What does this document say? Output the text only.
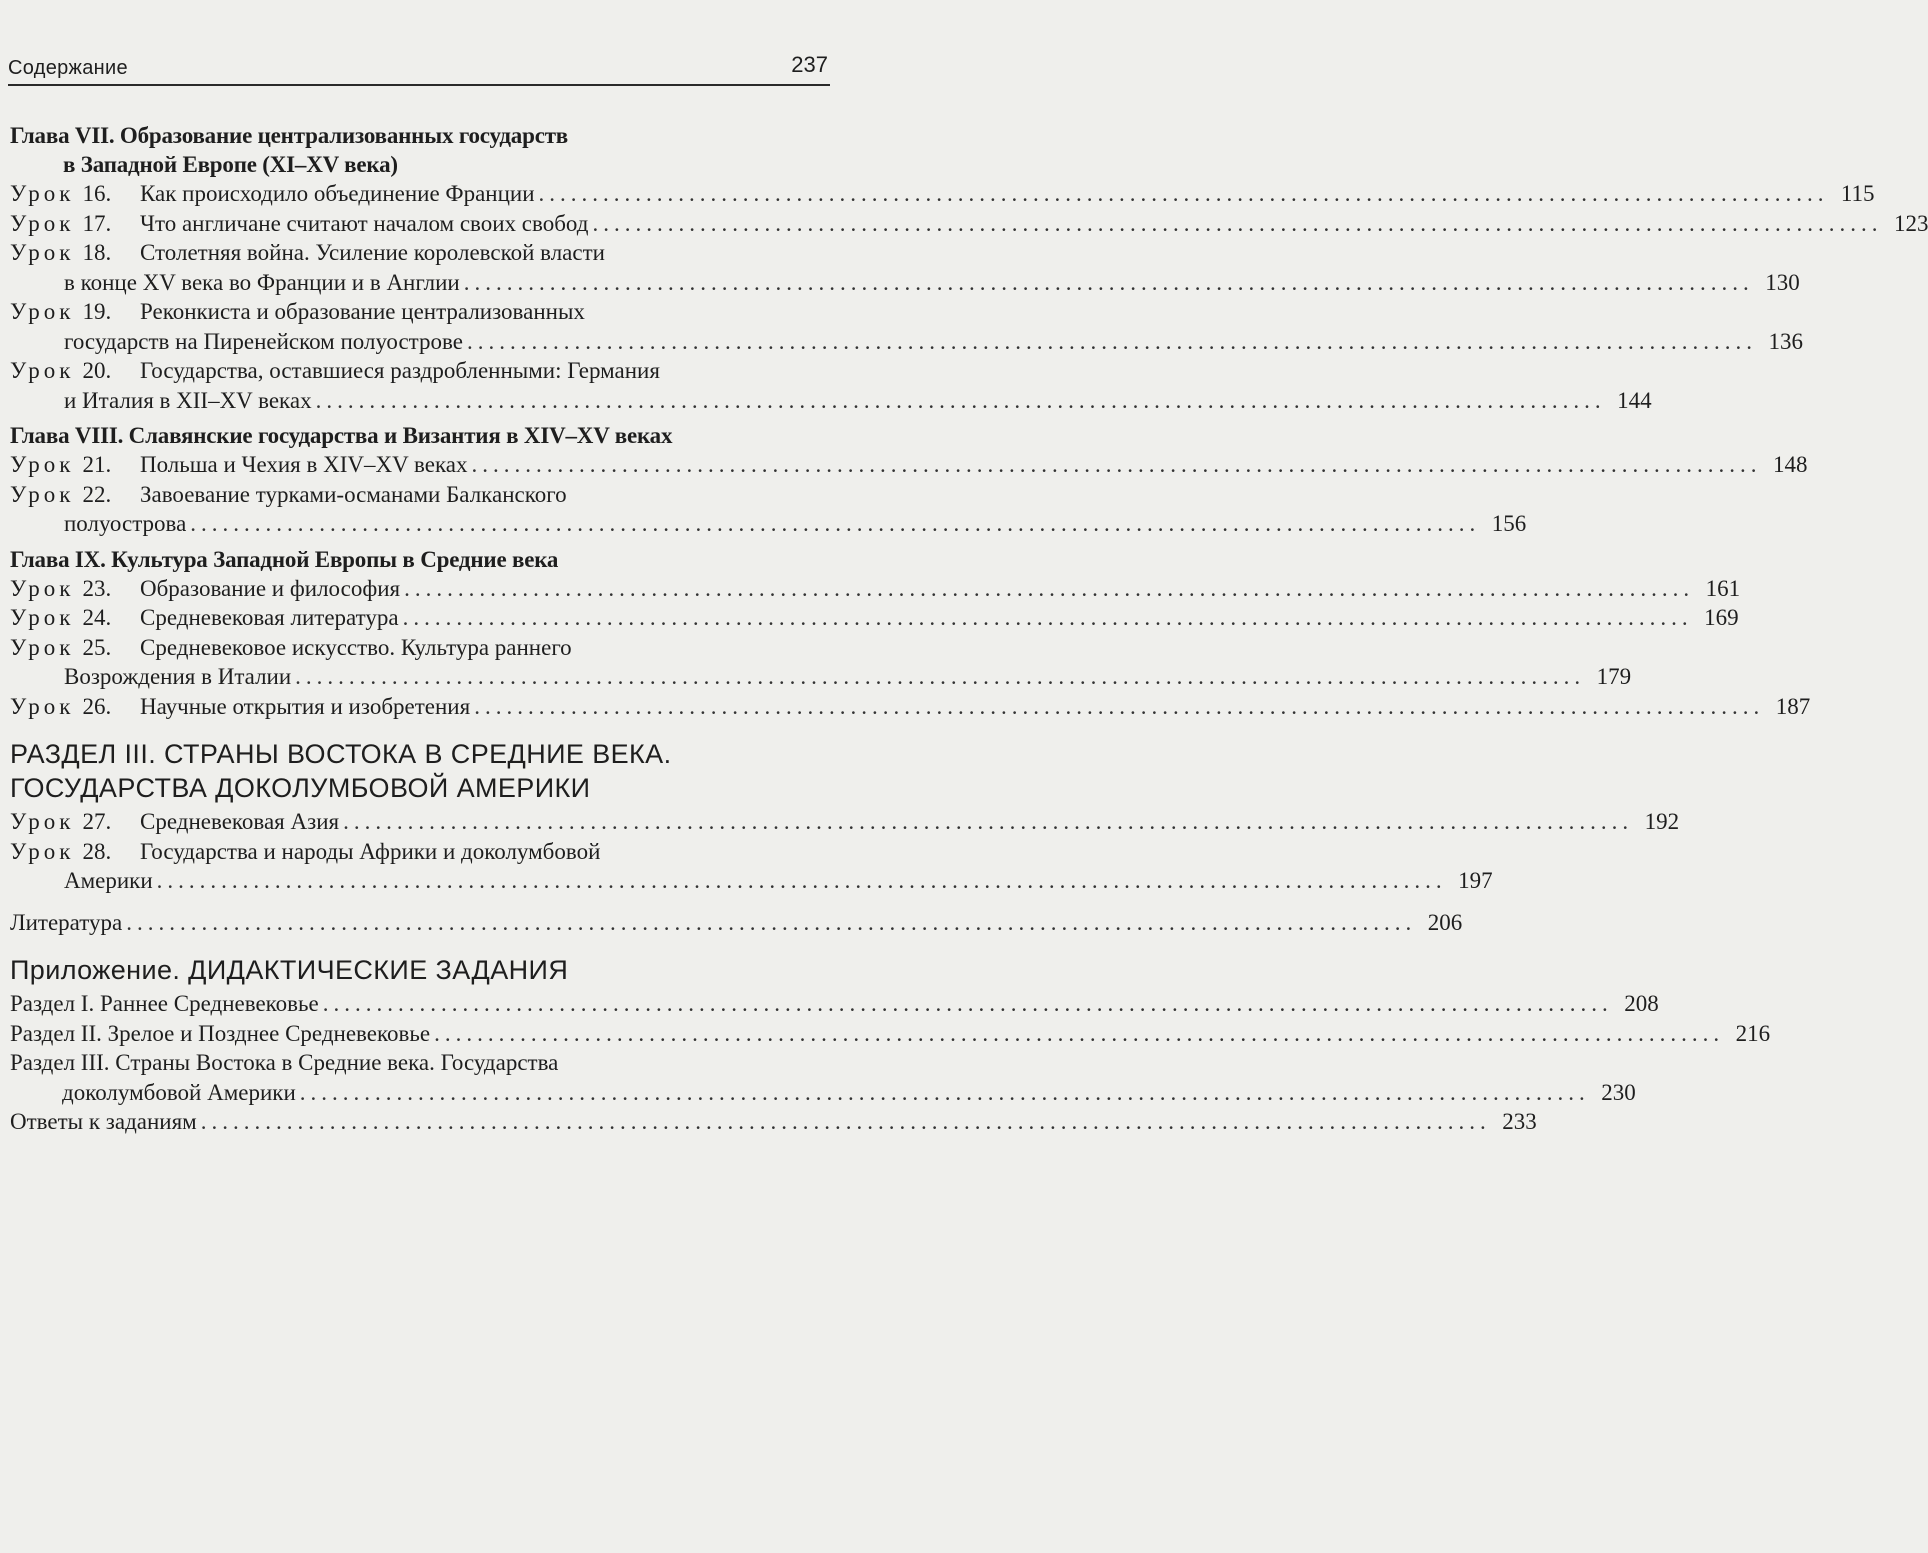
Содержание	237
Глава VII. Образование централизованных государств
в Западной Европе (XI–XV века)
Урок 16.	Как происходило объединение Франции ........................................................................................................................ 115
Урок 17.	Что англичане считают началом своих свобод ........................................................................................................................ 123
Урок 18.	Столетняя война. Усиление королевской власти
в конце XV века во Франции и в Англии ........................................................................................................................ 130
Урок 19.	Реконкиста и образование централизованных
государств на Пиренейском полуострове ........................................................................................................................ 136
Урок 20.	Государства, оставшиеся раздробленными: Германия
и Италия в XII–XV веках ........................................................................................................................ 144
Глава VIII. Славянские государства и Византия в XIV–XV веках
Урок 21.	Польша и Чехия в XIV–XV веках ........................................................................................................................ 148
Урок 22.	Завоевание турками-османами Балканского
полуострова ........................................................................................................................ 156
Глава IX. Культура Западной Европы в Средние века
Урок 23.	Образование и философия ........................................................................................................................ 161
Урок 24.	Средневековая литература ........................................................................................................................ 169
Урок 25.	Средневековое искусство. Культура раннего
Возрождения в Италии ........................................................................................................................ 179
Урок 26.	Научные открытия и изобретения ........................................................................................................................ 187
РАЗДЕЛ III. СТРАНЫ ВОСТОКА В СРЕДНИЕ ВЕКА.
ГОСУДАРСТВА ДОКОЛУМБОВОЙ АМЕРИКИ
Урок 27.	Средневековая Азия ........................................................................................................................ 192
Урок 28.	Государства и народы Африки и доколумбовой
Америки ........................................................................................................................ 197
Литература ........................................................................................................................ 206
Приложение. ДИДАКТИЧЕСКИЕ ЗАДАНИЯ
Раздел I. Раннее Средневековье ........................................................................................................................ 208
Раздел II. Зрелое и Позднее Средневековье ........................................................................................................................ 216
Раздел III. Страны Востока в Средние века. Государства
доколумбовой Америки ........................................................................................................................ 230
Ответы к заданиям ........................................................................................................................ 233
